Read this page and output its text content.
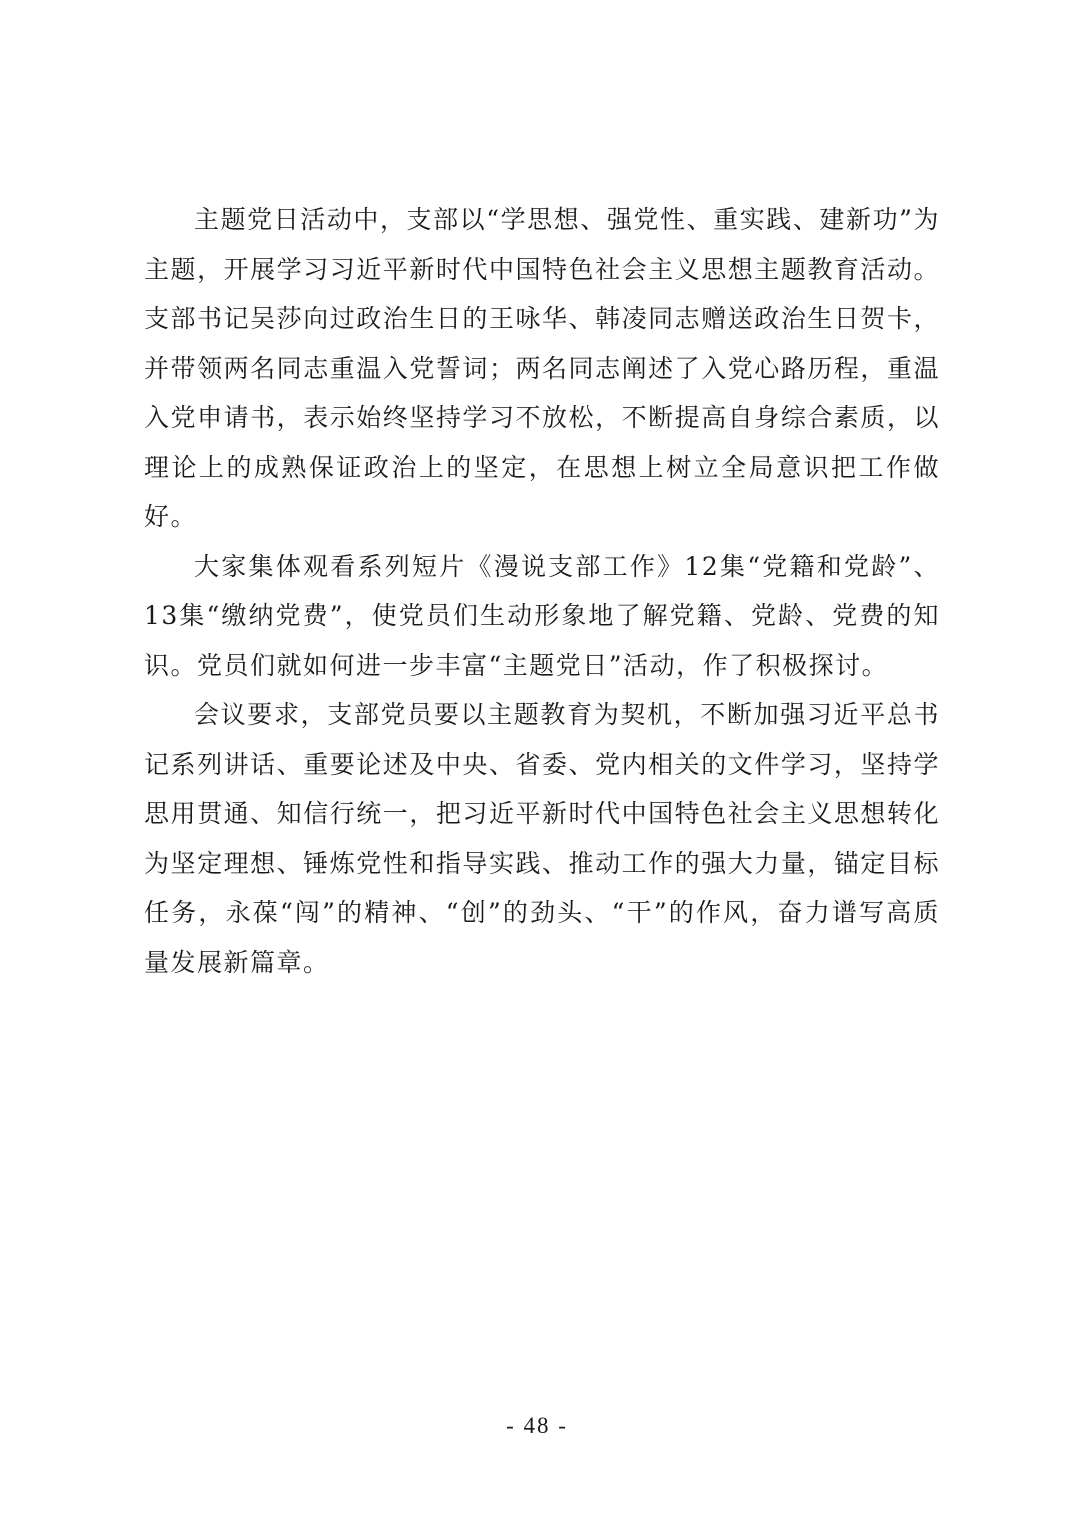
主题党日活动中，支部以“学思想、强党性、重实践、建新功”为主题，开展学习习近平新时代中国特色社会主义思想主题教育活动。支部书记吴莎向过政治生日的王咏华、韩凌同志赠送政治生日贺卡，并带领两名同志重温入党誓词；两名同志阐述了入党心路历程，重温入党申请书，表示始终坚持学习不放松，不断提高自身综合素质，以理论上的成熟保证政治上的坚定，在思想上树立全局意识把工作做好。

大家集体观看系列短片《漫说支部工作》12集“党籍和党龄”、13集“缴纳党费”，使党员们生动形象地了解党籍、党龄、党费的知识。党员们就如何进一步丰富“主题党日”活动，作了积极探讨。

会议要求，支部党员要以主题教育为契机，不断加强习近平总书记系列讲话、重要论述及中央、省委、党内相关的文件学习，坚持学思用贯通、知信行统一，把习近平新时代中国特色社会主义思想转化为坚定理想、锤炼党性和指导实践、推动工作的强大力量，锚定目标任务，永葆“闯”的精神、“创”的劲头、“干”的作风，奋力谱写高质量发展新篇章。

- 48 -
